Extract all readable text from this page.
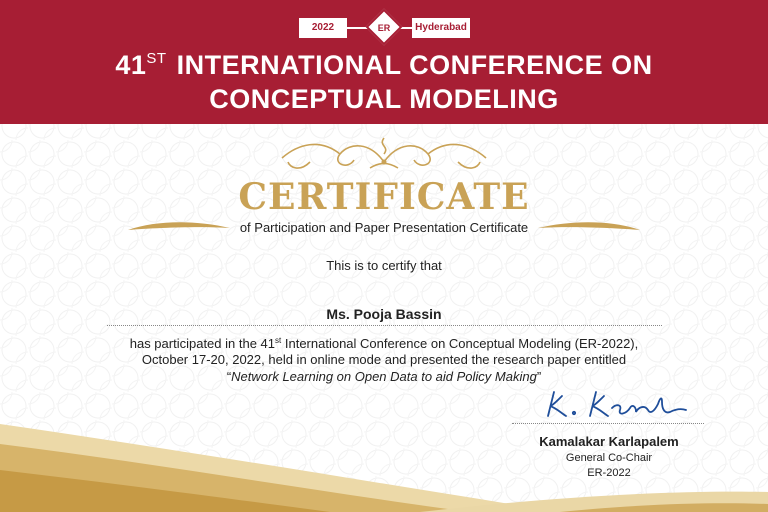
2022	ER	Hyderabad
41ST INTERNATIONAL CONFERENCE ON
CONCEPTUAL MODELING
CERTIFICATE
of Participation and Paper Presentation Certificate
This is to certify that
Ms. Pooja Bassin
has participated in the 41st International Conference on Conceptual Modeling (ER-2022),
October 17-20, 2022, held in online mode and presented the research paper entitled
“Network Learning on Open Data to aid Policy Making”
Kamalakar Karlapalem
General Co-Chair
ER-2022
